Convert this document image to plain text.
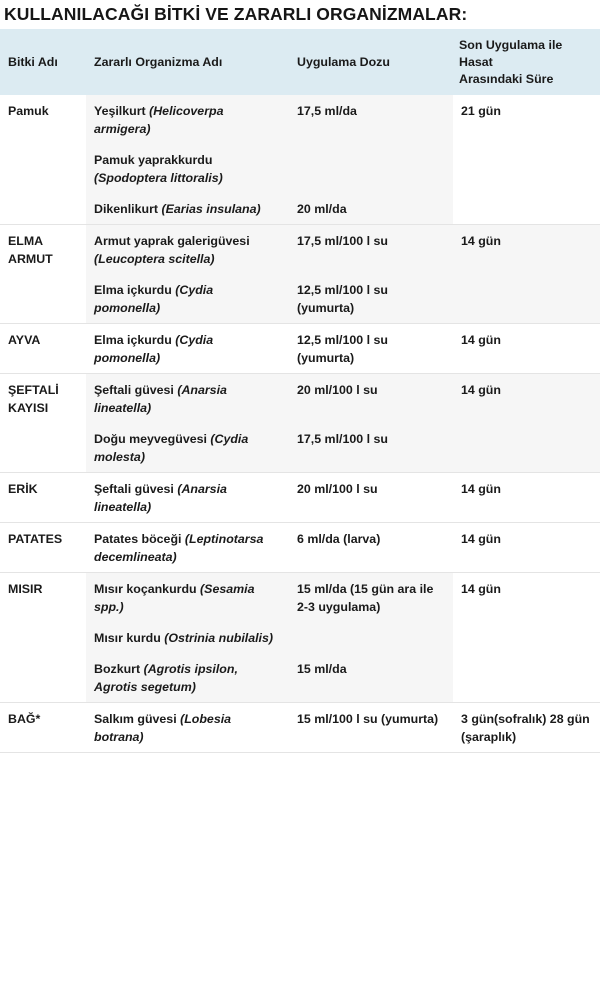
KULLANILACAĞI BİTKİ VE ZARARLI ORGANİZMALAR:
Bitki Adı	Zararlı Organizma Adı	Uygulama Dozu	Son Uygulama ile
Hasat
Arasındaki Süre
Pamuk	Yeşilkurt (Helicoverpa armigera)	17,5 ml/da	21 gün
	Pamuk yaprakkurdu (Spodoptera littoralis)		
	Dikenlikurt (Earias insulana)	20 ml/da	
ELMA
ARMUT	Armut yaprak galerigüvesi (Leucoptera scitella)	17,5 ml/100 l su	14 gün
	Elma içkurdu (Cydia pomonella)	12,5 ml/100 l su (yumurta)	
AYVA	Elma içkurdu (Cydia pomonella)	12,5 ml/100 l su (yumurta)	14 gün
ŞEFTALİ
KAYISI	Şeftali güvesi (Anarsia lineatella)	20 ml/100 l su	14 gün
	Doğu meyvegüvesi (Cydia molesta)	17,5 ml/100 l su	
ERİK	Şeftali güvesi (Anarsia lineatella)	20 ml/100 l su	14 gün
PATATES	Patates böceği (Leptinotarsa decemlineata)	6 ml/da (larva)	14 gün
MISIR	Mısır koçankurdu (Sesamia spp.)	15 ml/da (15 gün ara ile 2-3 uygulama)	14 gün
	Mısır kurdu (Ostrinia nubilalis)		
	Bozkurt (Agrotis ipsilon, Agrotis segetum)	15 ml/da	
BAĞ*	Salkım güvesi (Lobesia botrana)	15 ml/100 l su (yumurta)	3 gün(sofralık) 28 gün (şaraplık)
